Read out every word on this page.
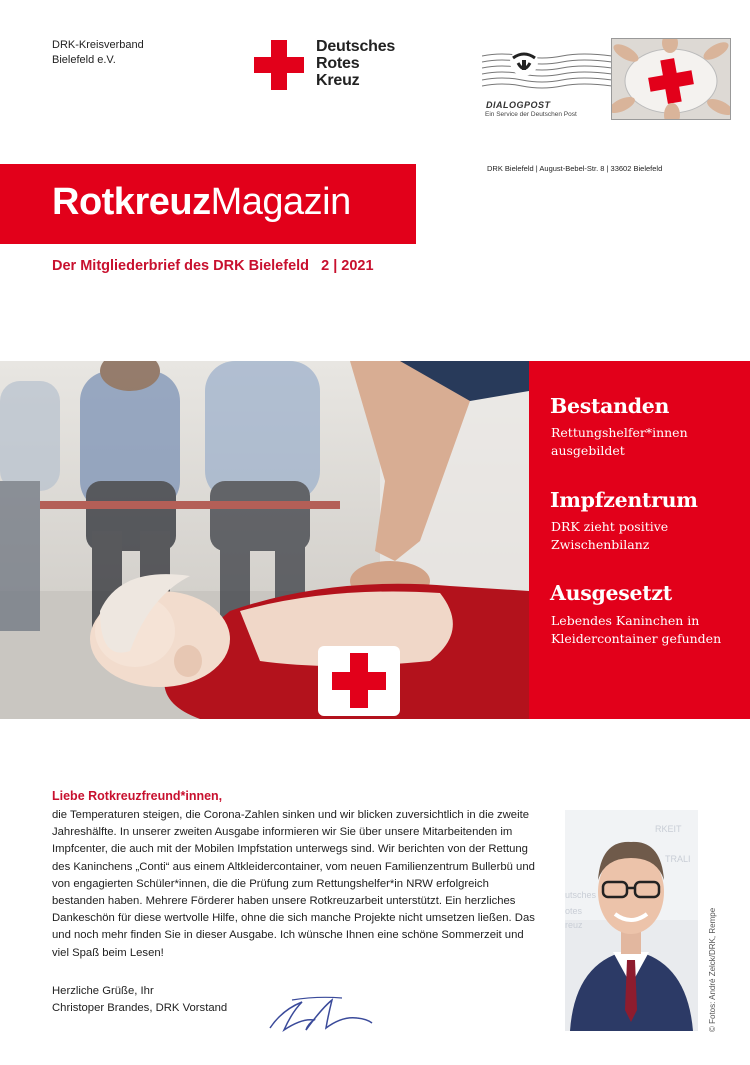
DRK-Kreisverband
Bielefeld e.V.
Deutsches
Rotes
Kreuz
DIALOGPOST
Ein Service der Deutschen Post
DRK Bielefeld | August-Bebel-Str. 8 | 33602 Bielefeld
RotkreuzMagazin
Der Mitgliederbrief des DRK Bielefeld   2 | 2021
Bestanden
Rettungshelfer*innen ausgebildet
Impfzentrum
DRK zieht positive Zwischenbilanz
Ausgesetzt
Lebendes Kaninchen in Kleidercontainer gefunden
Liebe Rotkreuzfreund*innen,
die Temperaturen steigen, die Corona-Zahlen sinken und wir blicken zuversichtlich in die zweite Jahreshälfte. In unserer zweiten Ausgabe informieren wir Sie über unsere Mitarbeitenden im Impfcenter, die auch mit der Mobilen Impfstation unterwegs sind. Wir berichten von der Rettung des Kaninchens „Conti“ aus einem Altkleidercontainer, vom neuen Familienzentrum Bullerbü und von engagierten Schüler*innen, die die Prüfung zum Rettungshelfer*in NRW erfolgreich bestanden haben. Mehrere Förderer haben unsere Rotkreuzarbeit unterstützt. Ein herzliches Dankeschön für diese wertvolle Hilfe, ohne die sich manche Projekte nicht umsetzen ließen. Das und noch mehr finden Sie in dieser Ausgabe. Ich wünsche Ihnen eine schöne Sommerzeit und viel Spaß beim Lesen!
Herzliche Grüße, Ihr
Christoper Brandes, DRK Vorstand
RKEIT
TRALI
utsches
otes
reuz	© Fotos: André Zelck/DRK, Rempe
